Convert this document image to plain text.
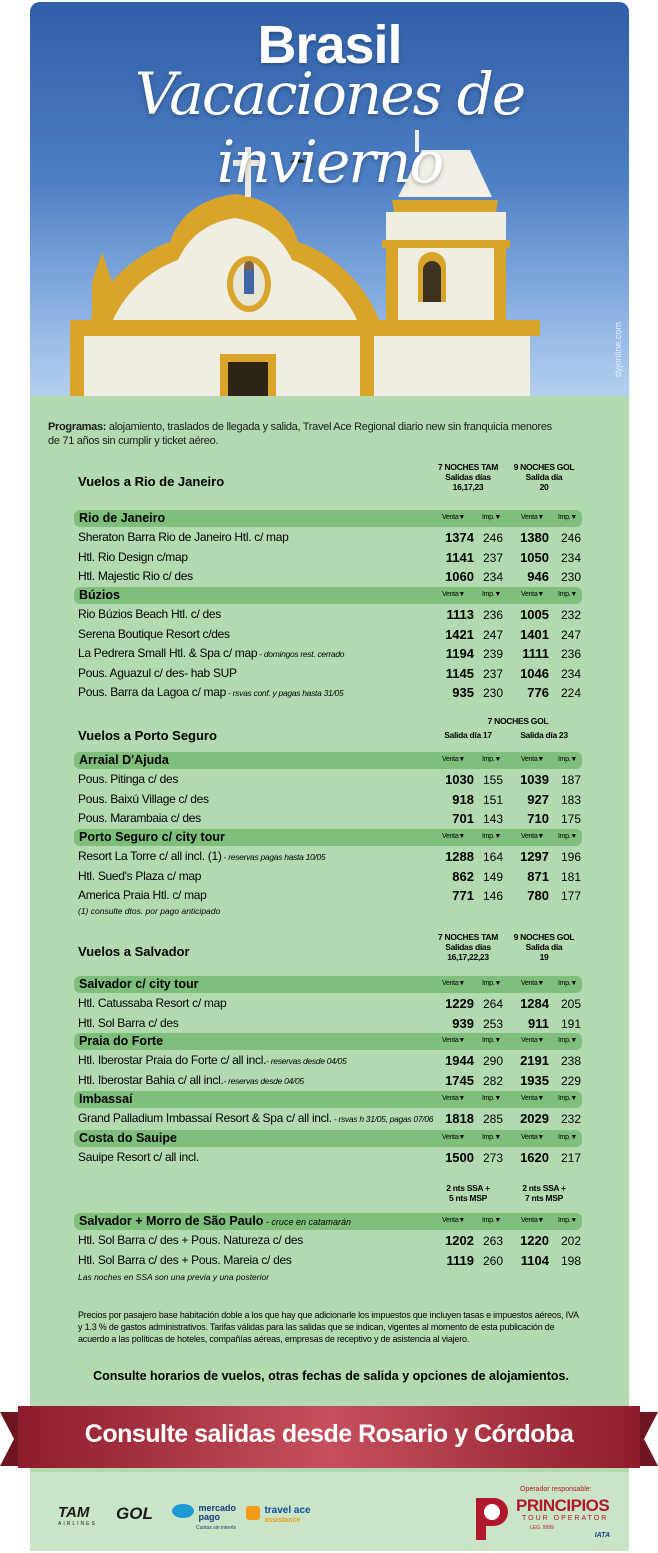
Brasil
Vacaciones de invierno
dyjonline.com
Programas: alojamiento, traslados de llegada y salida, Travel Ace Regional diario new sin franquicia menores de 71 años sin cumplir y ticket aéreo.
Vuelos a Rio de Janeiro
7 NOCHES TAM
Salidas días
16,17,23
9 NOCHES GOL
Salida día
20
Rio de Janeiro	Venta▼ Imp.▼	Venta▼ Imp.▼
Sheraton Barra Rio de Janeiro Htl. c/ map	1374 246	1380 246
Htl. Rio Design c/map	1141 237	1050 234
Htl. Majestic Rio c/ des	1060 234	946 230
Búzios	Venta▼ Imp.▼	Venta▼ Imp.▼
Rio Búzios Beach Htl. c/ des	1113 236	1005 232
Serena Boutique Resort c/des	1421 247	1401 247
La Pedrera Small Htl. & Spa c/ map - domingos rest. cerrado	1194 239	1111 236
Pous. Aguazul c/ des- hab SUP	1145 237	1046 234
Pous. Barra da Lagoa c/ map - rsvas conf. y pagas hasta 31/05	935 230	776 224
Vuelos a Porto Seguro
7 NOCHES GOL
Salida día 17	Salida día 23
Arraial D'Ajuda	Venta▼ Imp.▼	Venta▼ Imp.▼
Pous. Pitinga c/ des	1030 155	1039 187
Pous. Baixú Village c/ des	918 151	927 183
Pous. Marambaia c/ des	701 143	710 175
Porto Seguro c/ city tour	Venta▼ Imp.▼	Venta▼ Imp.▼
Resort La Torre c/ all incl. (1) - reservas pagas hasta 10/05	1288 164	1297 196
Htl. Sued's Plaza c/ map	862 149	871 181
America Praia Htl. c/ map	771 146	780 177
(1) consulte dtos. por pago anticipado
Vuelos a Salvador
7 NOCHES TAM
Salidas días
16,17,22,23
9 NOCHES GOL
Salida día
19
Salvador c/ city tour	Venta▼ Imp.▼	Venta▼ Imp.▼
Htl. Catussaba Resort c/ map	1229 264	1284 205
Htl. Sol Barra c/ des	939 253	911 191
Praia do Forte	Venta▼ Imp.▼	Venta▼ Imp.▼
Htl. Iberostar Praia do Forte c/ all incl.- reservas desde 04/05	1944 290	2191 238
Htl. Iberostar Bahia c/ all incl.- reservas desde 04/05	1745 282	1935 229
Imbassaí	Venta▼ Imp.▼	Venta▼ Imp.▼
Grand Palladium Imbassaí Resort & Spa c/ all incl. - rsvas h 31/05, pagas 07/06 1818 285	2029 232
Costa do Sauipe	Venta▼ Imp.▼	Venta▼ Imp.▼
Sauipe Resort c/ all incl.	1500 273	1620 217
2 nts SSA +
5 nts MSP
2 nts SSA +
7 nts MSP
Salvador + Morro de São Paulo - cruce en catamarán	Venta▼ Imp.▼	Venta▼ Imp.▼
Htl. Sol Barra c/ des + Pous. Natureza c/ des	1202 263	1220 202
Htl. Sol Barra c/ des + Pous. Mareia c/ des	1119 260	1104 198
Las noches en SSA son una previa y una posterior
Precios por pasajero base habitación doble a los que hay que adicionarle los impuestos que incluyen tasas e impuestos aéreos, IVA y 1.3 % de gastos administrativos. Tarifas válidas para las salidas que se indican, vigentes al momento de esta publicación de acuerdo a las políticas de hoteles, compañías aéreas, empresas de receptivo y de asistencia al viajero.
Consulte horarios de vuelos, otras fechas de salida y opciones de alojamientos.
Consulte salidas desde Rosario y Córdoba
TAM
AIRLINES
GOL	mercado
pago
Cuotas sin interés
travel ace
assistance
Operador responsable:
PRINCIPIOS
TOUR OPERATOR
LEG. 9999
IATA
